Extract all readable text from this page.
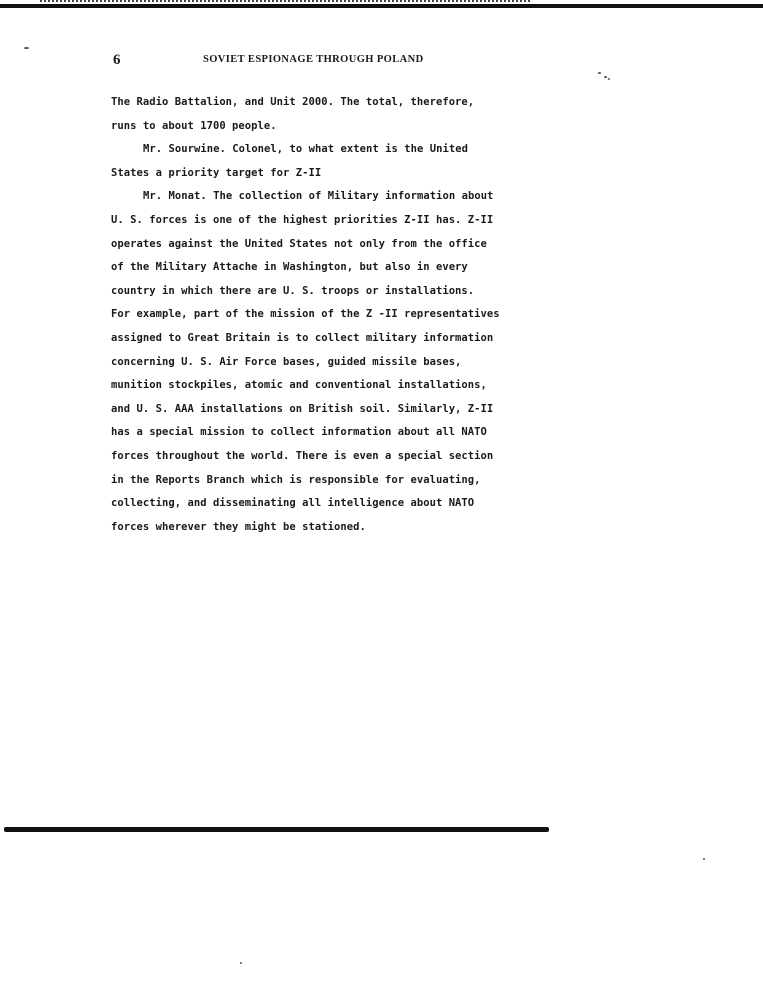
6	SOVIET ESPIONAGE THROUGH POLAND
The Radio Battalion, and Unit 2000. The total, therefore,
runs to about 1700 people.
Mr. Sourwine. Colonel, to what extent is the United
States a priority target for Z-II
Mr. Monat. The collection of Military information about
U. S. forces is one of the highest priorities Z-II has. Z-II
operates against the United States not only from the office
of the Military Attache in Washington, but also in every
country in which there are U. S. troops or installations.
For example, part of the mission of the Z -II representatives
assigned to Great Britain is to collect military information
concerning U. S. Air Force bases, guided missile bases,
munition stockpiles, atomic and conventional installations,
and U. S. AAA installations on British soil. Similarly, Z-II
has a special mission to collect information about all NATO
forces throughout the world. There is even a special section
in the Reports Branch which is responsible for evaluating,
collecting, and disseminating all intelligence about NATO
forces wherever they might be stationed.
